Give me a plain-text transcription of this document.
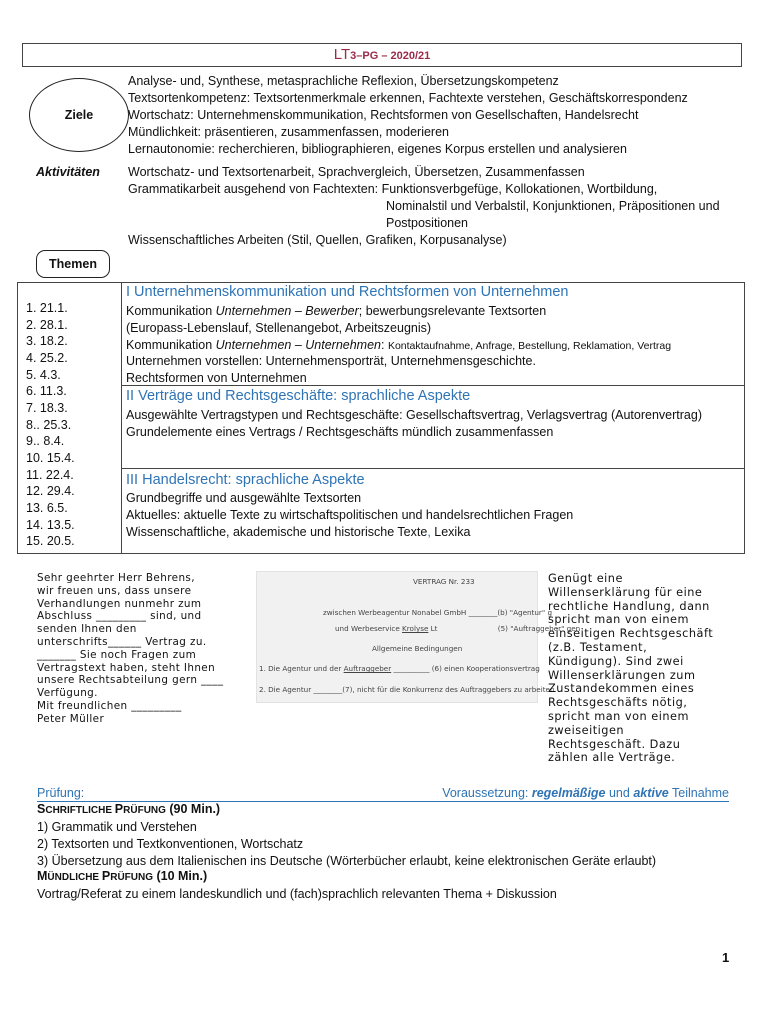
LT3–PG – 2020/21
Ziele
Analyse- und, Synthese, metasprachliche Reflexion, Übersetzungskompetenz
Textsortenkompetenz: Textsortenmerkmale erkennen, Fachtexte verstehen, Geschäftskorrespondenz
Wortschatz: Unternehmenskommunikation, Rechtsformen von Gesellschaften, Handelsrecht
Mündlichkeit: präsentieren, zusammenfassen, moderieren
Lernautonomie: recherchieren, bibliographieren, eigenes Korpus erstellen und analysieren
Aktivitäten Wortschatz- und Textsortenarbeit, Sprachvergleich, Übersetzen, Zusammenfassen
Grammatikarbeit ausgehend von Fachtexten: Funktionsverbgefüge, Kollokationen, Wortbildung,
Nominalstil und Verbalstil, Konjunktionen, Präpositionen und
Postpositionen
Wissenschaftliches Arbeiten (Stil, Quellen, Grafiken, Korpusanalyse)
Themen
1. 21.1.
2. 28.1.
3. 18.2.
4. 25.2.
5. 4.3.
6. 11.3.
7. 18.3.
8.. 25.3.
9.. 8.4.
10. 15.4.
11. 22.4.
12. 29.4.
13. 6.5.
14. 13.5.
15. 20.5.
I Unternehmenskommunikation und Rechtsformen von Unternehmen
Kommunikation Unternehmen – Bewerber; bewerbungsrelevante Textsorten
(Europass-Lebenslauf, Stellenangebot, Arbeitszeugnis)
Kommunikation Unternehmen – Unternehmen: Kontaktaufnahme, Anfrage, Bestellung, Reklamation, Vertrag
Unternehmen vorstellen: Unternehmensporträt, Unternehmensgeschichte.
Rechtsformen von Unternehmen
II Verträge und Rechtsgeschäfte: sprachliche Aspekte
Ausgewählte Vertragstypen und Rechtsgeschäfte: Gesellschaftsvertrag, Verlagsvertrag (Autorenvertrag)
Grundelemente eines Vertrags / Rechtsgeschäfts mündlich zusammenfassen
III Handelsrecht: sprachliche Aspekte
Grundbegriffe und ausgewählte Textsorten
Aktuelles: aktuelle Texte zu wirtschaftspolitischen und handelsrechtlichen Fragen
Wissenschaftliche, akademische und historische Texte, Lexika
Sehr geehrter Herr Behrens,
wir freuen uns, dass unsere
Verhandlungen nunmehr zum
Abschluss _________ sind, und
senden Ihnen den
unterschrifts______ Vertrag zu.
_______ Sie noch Fragen zum
Vertragstext haben, steht Ihnen
unsere Rechtsabteilung gern ____
Verfügung.
Mit freundlichen _________
Peter Müller
VERTRAG Nr. 233
zwischen Werbeagentur Nonabel GmbH ________(b) "Agentur" g
und Werbeservice Krolyse Lt	(5) "Auftraggeber" gen
Allgemeine Bedingungen
1. Die Agentur und der Auftraggeber __________ (6) einen Kooperationsvertrag
2. Die Agentur ________(7), nicht für die Konkurrenz des Auftraggebers zu arbeiten.
Genügt eine
Willenserklärung für eine
rechtliche Handlung, dann
spricht man von einem
einseitigen Rechtsgeschäft
(z.B. Testament,
Kündigung). Sind zwei
Willenserklärungen zum
Zustandekommen eines
Rechtsgeschäfts nötig,
spricht man von einem
zweiseitigen
Rechtsgeschäft. Dazu
zählen alle Verträge.
Prüfung:	Voraussetzung: regelmäßige und aktive Teilnahme
SCHRIFTLICHE PRÜFUNG (90 Min.)
1) Grammatik und Verstehen
2) Textsorten und Textkonventionen, Wortschatz
3) Übersetzung aus dem Italienischen ins Deutsche (Wörterbücher erlaubt, keine elektronischen Geräte erlaubt)
MÜNDLICHE PRÜFUNG (10 Min.)
Vortrag/Referat zu einem landeskundlich und (fach)sprachlich relevanten Thema + Diskussion
1
